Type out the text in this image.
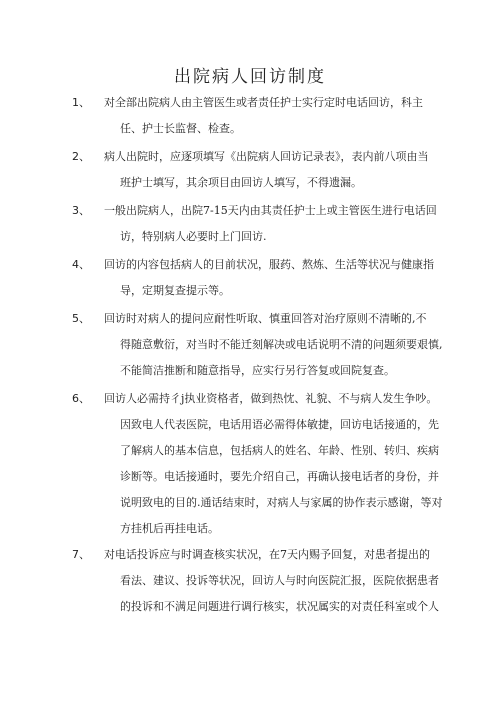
出院病人回访制度
1、 对全部出院病人由主管医生或者责任护士实行定时电话回访，科主
任、护士长监督、检查。
2、 病人出院时，应逐项填写《出院病人回访记录表》，表内前八项由当
班护士填写，其余项目由回访人填写，不得遗漏。
3、 一般出院病人，出院7-15天内由其责任护士上或主管医生进行电话回
访，特别病人必要时上门回访.
4、 回访的内容包括病人的目前状况，服药、熬炼、生活等状况与健康指
导，定期复查提示等。
5、 回访时对病人的提问应耐性听取、慎重回答对治疗原则不清晰的,不
得随意敷衍，对当时不能迁刻解决或电话说明不清的问题须要艰慎,
不能简洁推断和随意指导，应实行另行答复或回院复查。
6、 回访人必需持彳j执业资格者，做到热忱、礼貌、不与病人发生争吵。
因致电人代表医院，电话用语必需得体敏捷，回访电话接通的，先
了解病人的基本信息，包括病人的姓名、年龄、性别、转归、疾病
诊断等。电话接通时，要先介绍自己，再确认接电话者的身份，并
说明致电的目的.通话结束时，对病人与家属的协作表示感谢，等对
方挂机后再挂电话。
7、 对电话投诉应与时调查核实状况，在7天内赐予回复，对患者提出的
看法、建议、投诉等状况，回访人与时向医院汇报，医院依据患者
的投诉和不满足问题进行调行核实，状况属实的对责任科室或个人
